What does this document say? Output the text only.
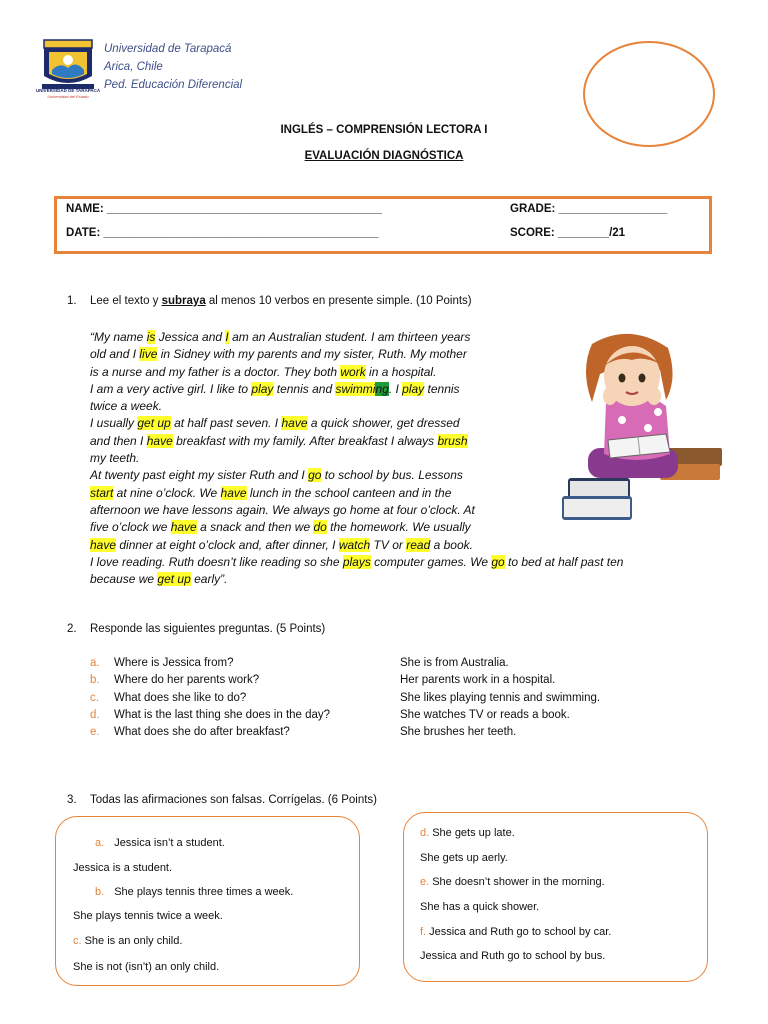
UNIVERSIDAD DE TARAPACÁ
Universidad del Estado
Universidad de Tarapacá
Arica, Chile
Ped. Educación Diferencial
INGLÉS – COMPRENSIÓN LECTORA I
EVALUACIÓN DIAGNÓSTICA
NAME: ___________________________________________
DATE: ___________________________________________
GRADE: _________________
SCORE: ________/21
1. Lee el texto y subraya al menos 10 verbos en presente simple. (10 Points)
“My name is Jessica and I am an Australian student. I am thirteen years
old and I live in Sidney with my parents and my sister, Ruth. My mother
is a nurse and my father is a doctor. They both work in a hospital.
I am a very active girl. I like to play tennis and swimming. I play tennis
twice a week.
I usually get up at half past seven. I have a quick shower, get dressed
and then I have breakfast with my family. After breakfast I always brush
my teeth.
At twenty past eight my sister Ruth and I go to school by bus. Lessons
start at nine o’clock. We have lunch in the school canteen and in the
afternoon we have lessons again. We always go home at four o’clock. At
five o’clock we have a snack and then we do the homework. We usually
have dinner at eight o’clock and, after dinner, I watch TV or read a book.
I love reading. Ruth doesn’t like reading so she plays computer games. We go to bed at half past ten
because we get up early”.
2. Responde las siguientes preguntas. (5 Points)
a. Where is Jessica from?	She is from Australia.
b. Where do her parents work?	Her parents work in a hospital.
c. What does she like to do?	She likes playing tennis and swimming.
d. What is the last thing she does in the day?	She watches TV or reads a book.
e. What does she do after breakfast?	She brushes her teeth.
3. Todas las afirmaciones son falsas. Corrígelas. (6 Points)
a. Jessica isn’t a student.
Jessica is a student.
b. She plays tennis three times a week.
She plays tennis twice a week.
c. She is an only child.
She is not (isn’t) an only child.
d. She gets up late.
She gets up aerly.
e. She doesn’t shower in the morning.
She has a quick shower.
f. Jessica and Ruth go to school by car.
Jessica and Ruth go to school by bus.
